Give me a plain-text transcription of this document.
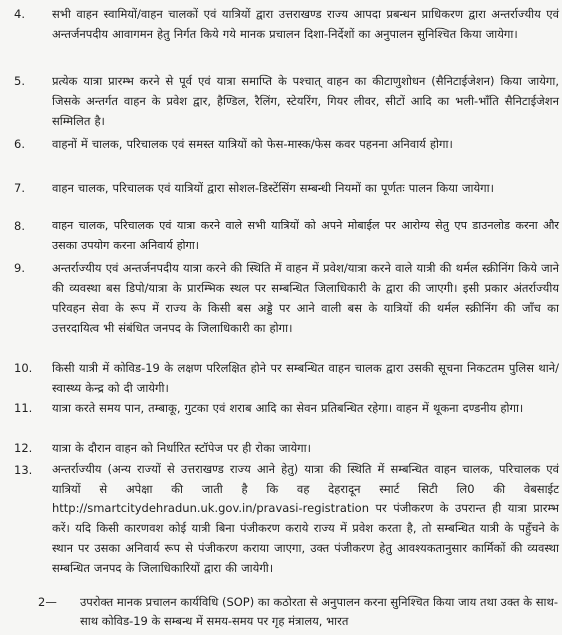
4.	सभी वाहन स्वामियों/वाहन चालकों एवं यात्रियों द्वारा उत्तराखण्ड राज्य आपदा प्रबन्धन प्राधिकरण द्वारा अन्तर्राज्यीय एवं अन्तर्जनपदीय आवागमन हेतु निर्गत किये गये मानक प्रचालन दिशा-निर्देशों का अनुपालन सुनिश्चित किया जायेगा।
5.	प्रत्येक यात्रा प्रारम्भ करने से पूर्व एवं यात्रा समाप्ति के पश्चात् वाहन का कीटाणुशोधन (सैनिटाईजेशन) किया जायेगा, जिसके अन्तर्गत वाहन के प्रवेश द्वार, हैण्डिल, रैलिंग, स्टेयरिंग, गियर लीवर, सीटों आदि का भली-भाँति सैनिटाईजेशन सम्मिलित है।
6.	वाहनों में चालक, परिचालक एवं समस्त यात्रियों को फेस-मास्क/फेस कवर पहनना अनिवार्य होगा।
7.	वाहन चालक, परिचालक एवं यात्रियों द्वारा सोशल-डिस्टेंसिंग सम्बन्धी नियमों का पूर्णतः पालन किया जायेगा।
8.	वाहन चालक, परिचालक एवं यात्रा करने वाले सभी यात्रियों को अपने मोबाईल पर आरोग्य सेतु एप डाउनलोड करना और उसका उपयोग करना अनिवार्य होगा।
9.	अन्तर्राज्यीय एवं अन्तर्जनपदीय यात्रा करने की स्थिति में वाहन में प्रवेश/यात्रा करने वाले यात्री की थर्मल स्क्रीनिंग किये जाने की व्यवस्था बस डिपो/यात्रा के प्रारम्भिक स्थल पर सम्बन्धित जिलाधिकारी के द्वारा की जाएगी। इसी प्रकार अंतर्राज्यीय परिवहन सेवा के रूप में राज्य के किसी बस अड्डे पर आने वाली बस के यात्रियों की थर्मल स्क्रीनिंग की जाँच का उत्तरदायित्व भी संबंधित जनपद के जिलाधिकारी का होगा।
10.	किसी यात्री में कोविड-19 के लक्षण परिलक्षित होने पर सम्बन्धित वाहन चालक द्वारा उसकी सूचना निकटतम पुलिस थाने/स्वास्थ्य केन्द्र को दी जायेगी।
11.	यात्रा करते समय पान, तम्बाकू, गुटका एवं शराब आदि का सेवन प्रतिबन्धित रहेगा। वाहन में थूकना दण्डनीय होगा।
12.	यात्रा के दौरान वाहन को निर्धारित स्टॉपेज पर ही रोका जायेगा।
13.	अन्तर्राज्यीय (अन्य राज्यों से उत्तराखण्ड राज्य आने हेतु) यात्रा की स्थिति में सम्बन्धित वाहन चालक, परिचालक एवं यात्रियों से अपेक्षा की जाती है कि वह देहरादून स्मार्ट सिटी लि0 की वेबसाईट http://smartcitydehradun.uk.gov.in/pravasi-registration पर पंजीकरण के उपरान्त ही यात्रा प्रारम्भ करें। यदि किसी कारणवश कोई यात्री बिना पंजीकरण कराये राज्य में प्रवेश करता है, तो सम्बन्धित यात्री के पहुँचने के स्थान पर उसका अनिवार्य रूप से पंजीकरण कराया जाएगा, उक्त पंजीकरण हेतु आवश्यकतानुसार कार्मिकों की व्यवस्था सम्बन्धित जनपद के जिलाधिकारियों द्वारा की जायेगी।
2—	उपरोक्त मानक प्रचालन कार्यविधि (SOP) का कठोरता से अनुपालन करना सुनिश्चित किया जाय तथा उक्त के साथ-साथ कोविड-19 के सम्बन्ध में समय-समय पर गृह मंत्रालय, भारत
